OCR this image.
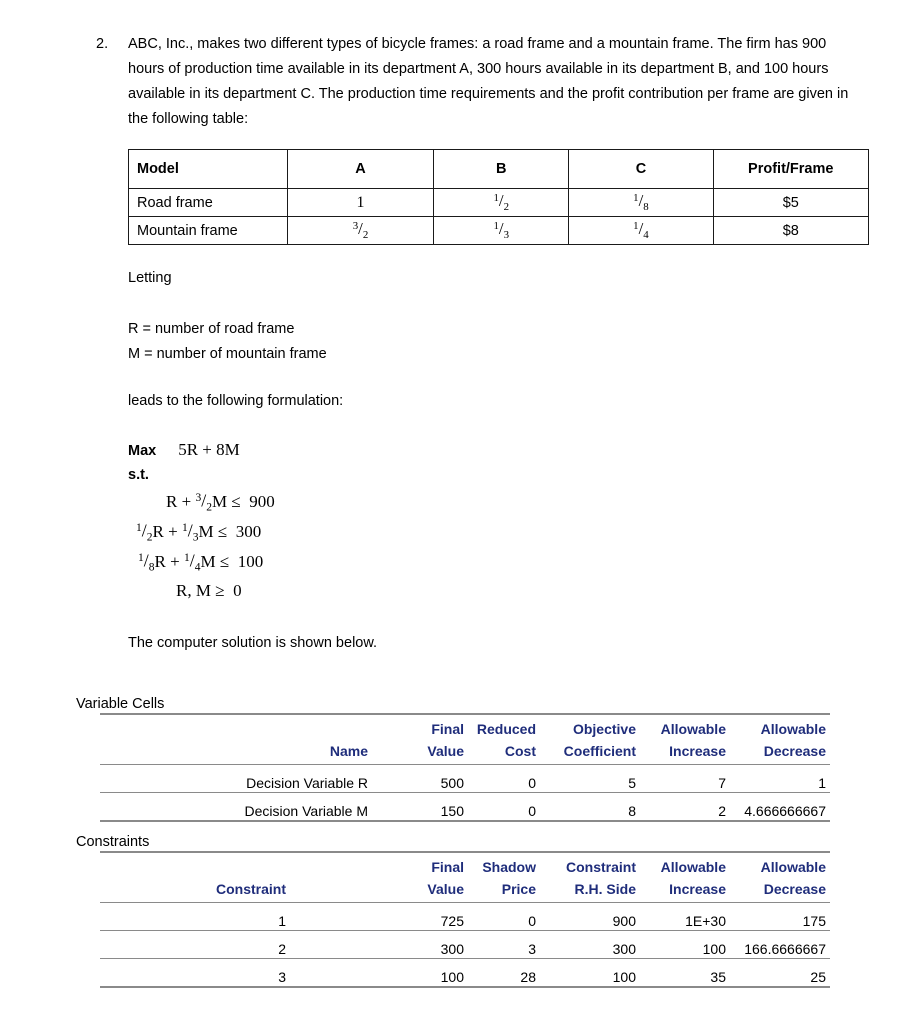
2.	ABC, Inc., makes two different types of bicycle frames: a road frame and a mountain frame. The firm has 900 hours of production time available in its department A, 300 hours available in its department B, and 100 hours available in its department C. The production time requirements and the profit contribution per frame are given in the following table:
Model	A	B	C	Profit/Frame
Road frame	1	$^1/_2$	$^1/_8$	$5
Mountain frame	$^3/_2$	$^1/_3$	$^1/_4$	$8
Letting
R = number of road frame
M = number of mountain frame
leads to the following formulation:
Max 5R + 8M
s.t.
$R + ^3/_2M \le 900$
$^1/_2R + ^1/_3M \le 300$
$^1/_8R + ^1/_4M \le 100$
R, M ≥ 0
The computer solution is shown below.
Variable Cells
	Final	Reduced	Objective	Allowable	Allowable
Name	Value	Cost	Coefficient	Increase	Decrease
Decision Variable R	500	0	5	7	1
Decision Variable M	150	0	8	2	4.666666667
Constraints
	Final	Shadow	Constraint	Allowable	Allowable
Constraint	Value	Price	R.H. Side	Increase	Decrease
1	725	0	900	1E+30	175
2	300	3	300	100	166.6666667
3	100	28	100	35	25
